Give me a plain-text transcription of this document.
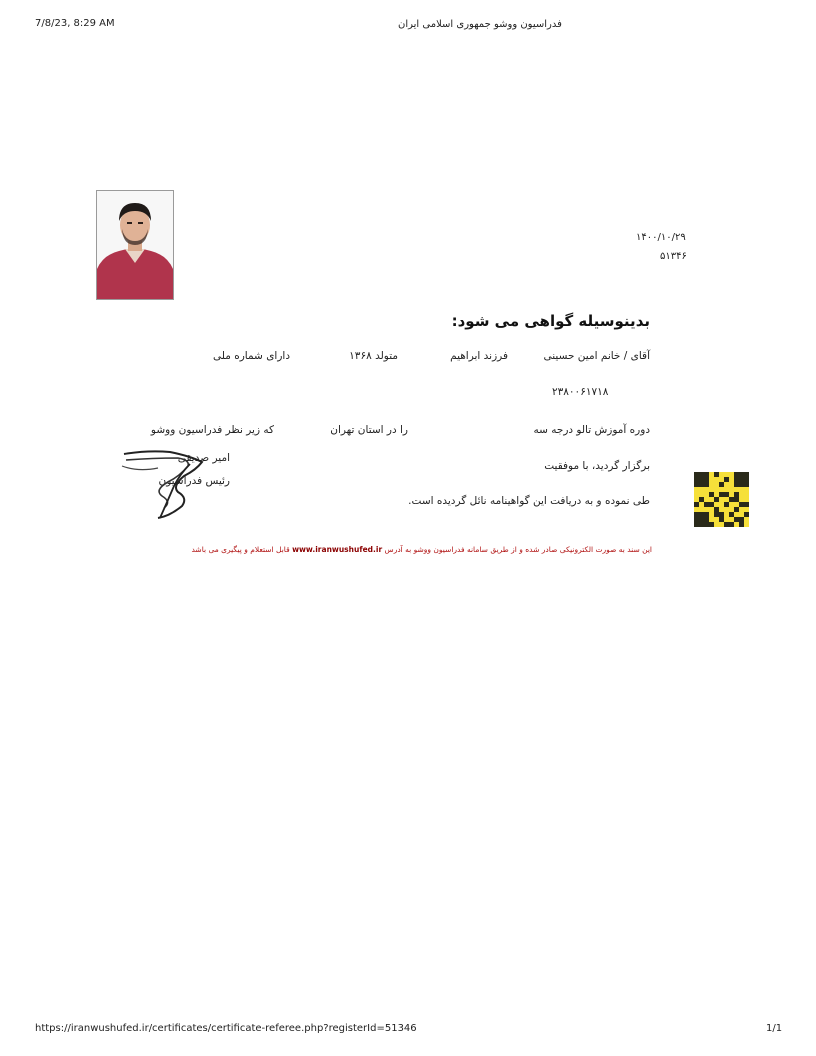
7/8/23, 8:29 AM	فدراسیون ووشو جمهوری اسلامی ایران
۱۴۰۰/۱۰/۲۹
۵۱۳۴۶
بدینوسیله گواهی می شود:
آقای / خانم امین حسینی
فرزند ابراهیم
متولد ۱۳۶۸
دارای شماره ملی
۲۳۸۰۰۶۱۷۱۸
دوره آموزش تالو درجه سه
را در استان تهران
که زیر نظر فدراسیون ووشو
برگزار گردید، با موفقیت
طی نموده و به دریافت این گواهینامه نائل گردیده است.
امیر صدیقی
رئیس فدراسیون
این سند به صورت الکترونیکی صادر شده و از طریق سامانه فدراسیون ووشو به آدرس www.iranwushufed.ir قابل استعلام و پیگیری می باشد
https://iranwushufed.ir/certificates/certificate-referee.php?registerId=51346	1/1
